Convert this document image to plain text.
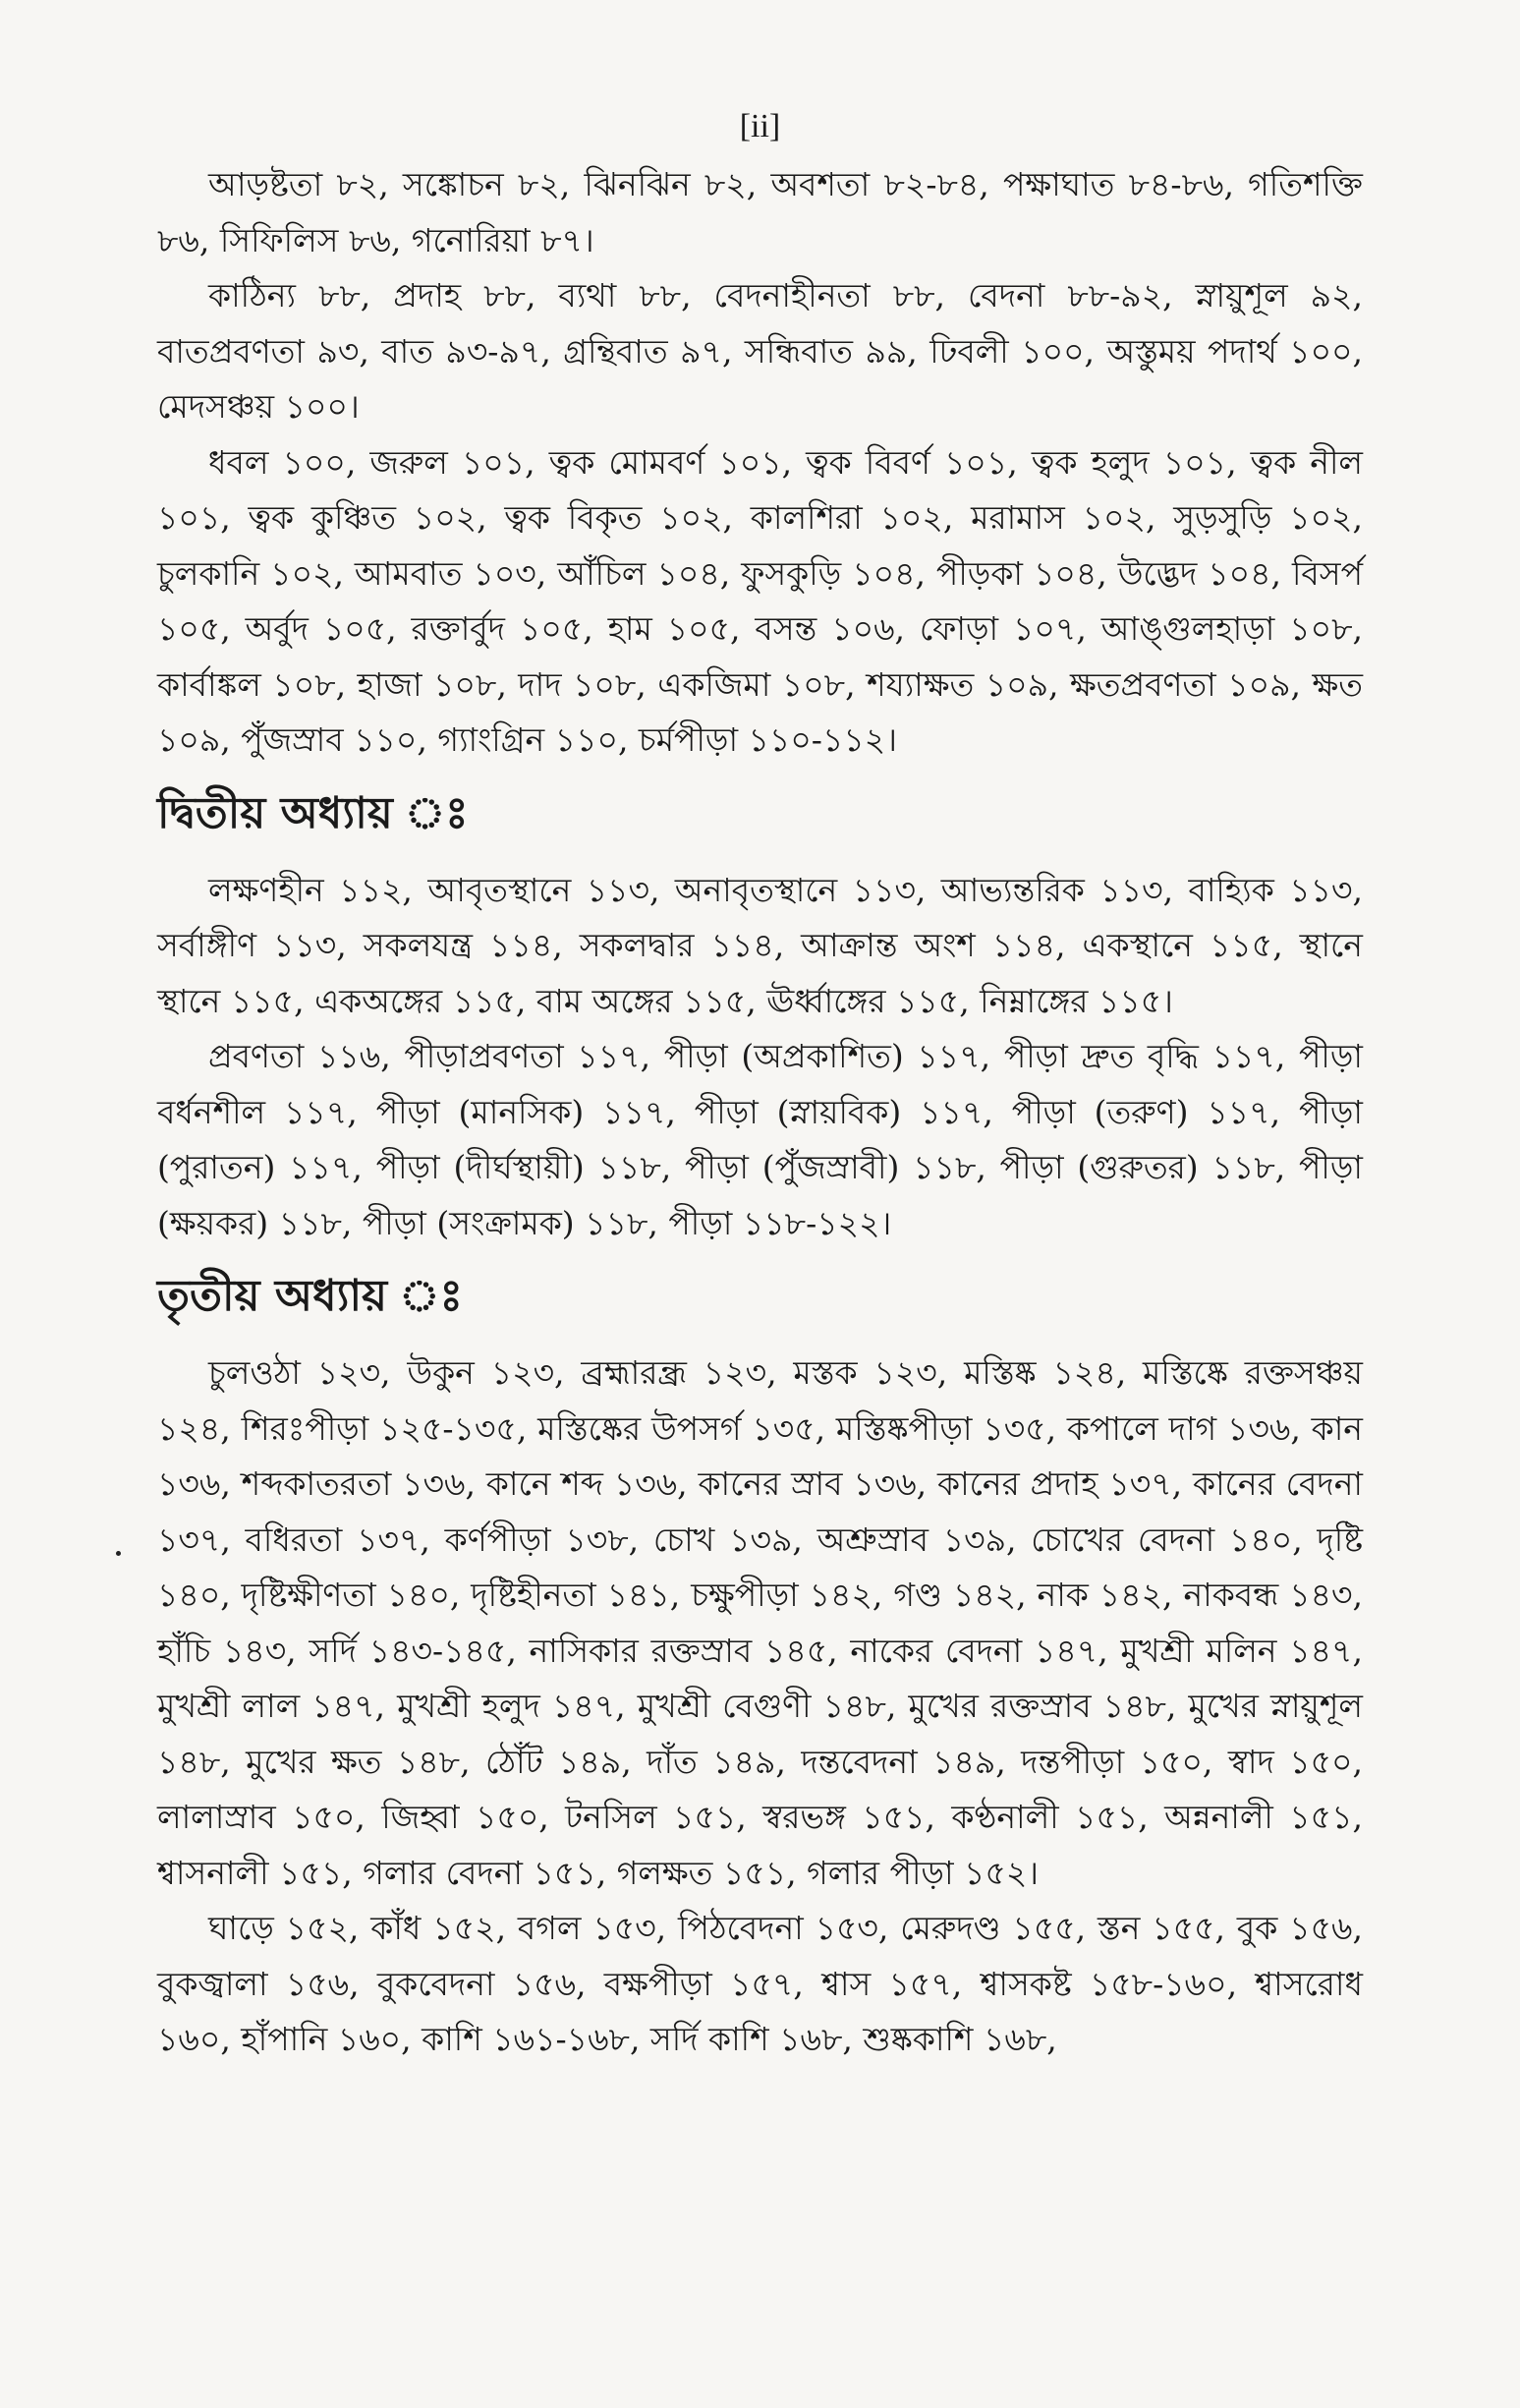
[ii]

আড়ষ্টতা ৮২, সঙ্কোচন ৮২, ঝিনঝিন ৮২, অবশতা ৮২-৮৪, পক্ষাঘাত ৮৪-৮৬, গতিশক্তি ৮৬, সিফিলিস ৮৬, গনোরিয়া ৮৭।

কাঠিন্য ৮৮, প্রদাহ ৮৮, ব্যথা ৮৮, বেদনাহীনতা ৮৮, বেদনা ৮৮-৯২, স্নায়ুশূল ৯২, বাতপ্রবণতা ৯৩, বাত ৯৩-৯৭, গ্রন্থিবাত ৯৭, সন্ধিবাত ৯৯, ঢিবলী ১০০, অস্তুময় পদার্থ ১০০, মেদসঞ্চয় ১০০।

ধবল ১০০, জরুল ১০১, ত্বক মোমবর্ণ ১০১, ত্বক বিবর্ণ ১০১, ত্বক হলুদ ১০১, ত্বক নীল ১০১, ত্বক কুঞ্চিত ১০২, ত্বক বিকৃত ১০২, কালশিরা ১০২, মরামাস ১০২, সুড়সুড়ি ১০২, চুলকানি ১০২, আমবাত ১০৩, আঁচিল ১০৪, ফুসকুড়ি ১০৪, পীড়কা ১০৪, উদ্ভেদ ১০৪, বিসর্প ১০৫, অর্বুদ ১০৫, রক্তার্বুদ ১০৫, হাম ১০৫, বসন্ত ১০৬, ফোড়া ১০৭, আঙ্গুলহাড়া ১০৮, কার্বাঙ্কল ১০৮, হাজা ১০৮, দাদ ১০৮, একজিমা ১০৮, শয্যাক্ষত ১০৯, ক্ষতপ্রবণতা ১০৯, ক্ষত ১০৯, পুঁজস্রাব ১১০, গ্যাংগ্রিন ১১০, চর্মপীড়া ১১০-১১২।

দ্বিতীয় অধ্যায় ঃ

লক্ষণহীন ১১২, আবৃতস্থানে ১১৩, অনাবৃতস্থানে ১১৩, আভ্যন্তরিক ১১৩, বাহ্যিক ১১৩, সর্বাঙ্গীণ ১১৩, সকলযন্ত্র ১১৪, সকলদ্বার ১১৪, আক্রান্ত অংশ ১১৪, একস্থানে ১১৫, স্থানে স্থানে ১১৫, একঅঙ্গের ১১৫, বাম অঙ্গের ১১৫, ঊর্ধ্বাঙ্গের ১১৫, নিম্নাঙ্গের ১১৫।

প্রবণতা ১১৬, পীড়াপ্রবণতা ১১৭, পীড়া (অপ্রকাশিত) ১১৭, পীড়া দ্রুত বৃদ্ধি ১১৭, পীড়া বর্ধনশীল ১১৭, পীড়া (মানসিক) ১১৭, পীড়া (স্নায়বিক) ১১৭, পীড়া (তরুণ) ১১৭, পীড়া (পুরাতন) ১১৭, পীড়া (দীর্ঘস্থায়ী) ১১৮, পীড়া (পুঁজস্রাবী) ১১৮, পীড়া (গুরুতর) ১১৮, পীড়া (ক্ষয়কর) ১১৮, পীড়া (সংক্রামক) ১১৮, পীড়া ১১৮-১২২।

তৃতীয় অধ্যায় ঃ

চুলওঠা ১২৩, উকুন ১২৩, ব্রহ্মারন্ধ্র ১২৩, মস্তক ১২৩, মস্তিষ্ক ১২৪, মস্তিষ্কে রক্তসঞ্চয় ১২৪, শিরঃপীড়া ১২৫-১৩৫, মস্তিষ্কের উপসর্গ ১৩৫, মস্তিষ্কপীড়া ১৩৫, কপালে দাগ ১৩৬, কান ১৩৬, শব্দকাতরতা ১৩৬, কানে শব্দ ১৩৬, কানের স্রাব ১৩৬, কানের প্রদাহ ১৩৭, কানের বেদনা ১৩৭, বধিরতা ১৩৭, কর্ণপীড়া ১৩৮, চোখ ১৩৯, অশ্রুস্রাব ১৩৯, চোখের বেদনা ১৪০, দৃষ্টি ১৪০, দৃষ্টিক্ষীণতা ১৪০, দৃষ্টিহীনতা ১৪১, চক্ষুপীড়া ১৪২, গণ্ড ১৪২, নাক ১৪২, নাকবন্ধ ১৪৩, হাঁচি ১৪৩, সর্দি ১৪৩-১৪৫, নাসিকার রক্তস্রাব ১৪৫, নাকের বেদনা ১৪৭, মুখশ্রী মলিন ১৪৭, মুখশ্রী লাল ১৪৭, মুখশ্রী হলুদ ১৪৭, মুখশ্রী বেগুণী ১৪৮, মুখের রক্তস্রাব ১৪৮, মুখের স্নায়ুশূল ১৪৮, মুখের ক্ষত ১৪৮, ঠোঁট ১৪৯, দাঁত ১৪৯, দন্তবেদনা ১৪৯, দন্তপীড়া ১৫০, স্বাদ ১৫০, লালাস্রাব ১৫০, জিহ্বা ১৫০, টনসিল ১৫১, স্বরভঙ্গ ১৫১, কণ্ঠনালী ১৫১, অন্ননালী ১৫১, শ্বাসনালী ১৫১, গলার বেদনা ১৫১, গলক্ষত ১৫১, গলার পীড়া ১৫২।

ঘাড়ে ১৫২, কাঁধ ১৫২, বগল ১৫৩, পিঠবেদনা ১৫৩, মেরুদণ্ড ১৫৫, স্তন ১৫৫, বুক ১৫৬, বুকজ্বালা ১৫৬, বুকবেদনা ১৫৬, বক্ষপীড়া ১৫৭, শ্বাস ১৫৭, শ্বাসকষ্ট ১৫৮-১৬০, শ্বাসরোধ ১৬০, হাঁপানি ১৬০, কাশি ১৬১-১৬৮, সর্দি কাশি ১৬৮, শুষ্ককাশি ১৬৮,
